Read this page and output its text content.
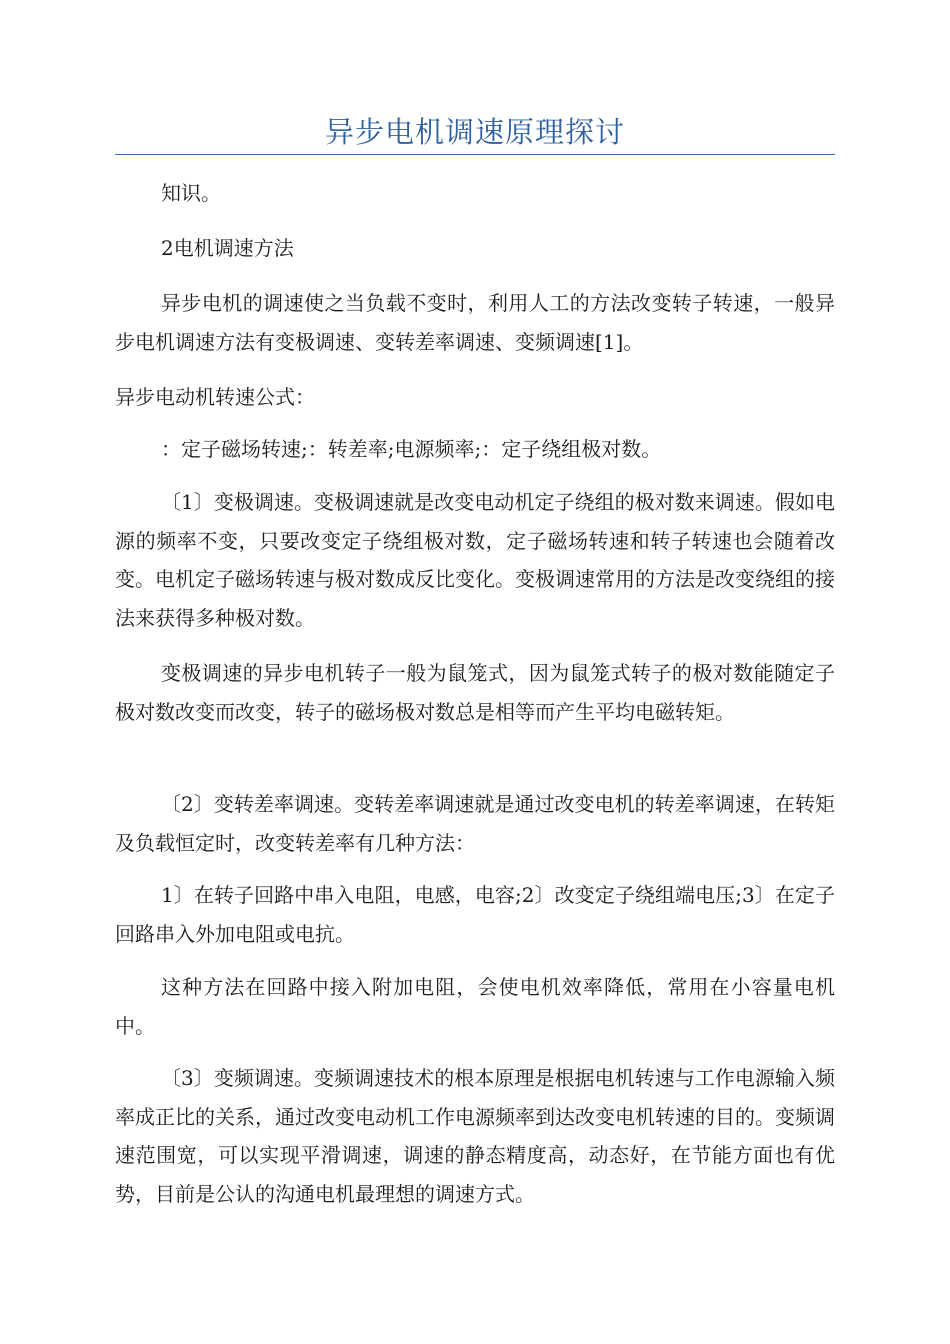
异步电机调速原理探讨

知识。

2电机调速方法

异步电机的调速使之当负载不变时，利用人工的方法改变转子转速，一般异步电机调速方法有变极调速、变转差率调速、变频调速[1]。

异步电动机转速公式：

：定子磁场转速;：转差率;电源频率;：定子绕组极对数。

〔1〕变极调速。变极调速就是改变电动机定子绕组的极对数来调速。假如电源的频率不变，只要改变定子绕组极对数，定子磁场转速和转子转速也会随着改变。电机定子磁场转速与极对数成反比变化。变极调速常用的方法是改变绕组的接法来获得多种极对数。

变极调速的异步电机转子一般为鼠笼式，因为鼠笼式转子的极对数能随定子极对数改变而改变，转子的磁场极对数总是相等而产生平均电磁转矩。

〔2〕变转差率调速。变转差率调速就是通过改变电机的转差率调速，在转矩及负载恒定时，改变转差率有几种方法：

1〕在转子回路中串入电阻，电感，电容;2〕改变定子绕组端电压;3〕在定子回路串入外加电阻或电抗。

这种方法在回路中接入附加电阻，会使电机效率降低，常用在小容量电机中。

〔3〕变频调速。变频调速技术的根本原理是根据电机转速与工作电源输入频率成正比的关系，通过改变电动机工作电源频率到达改变电机转速的目的。变频调速范围宽，可以实现平滑调速，调速的静态精度高，动态好，在节能方面也有优势，目前是公认的沟通电机最理想的调速方式。
